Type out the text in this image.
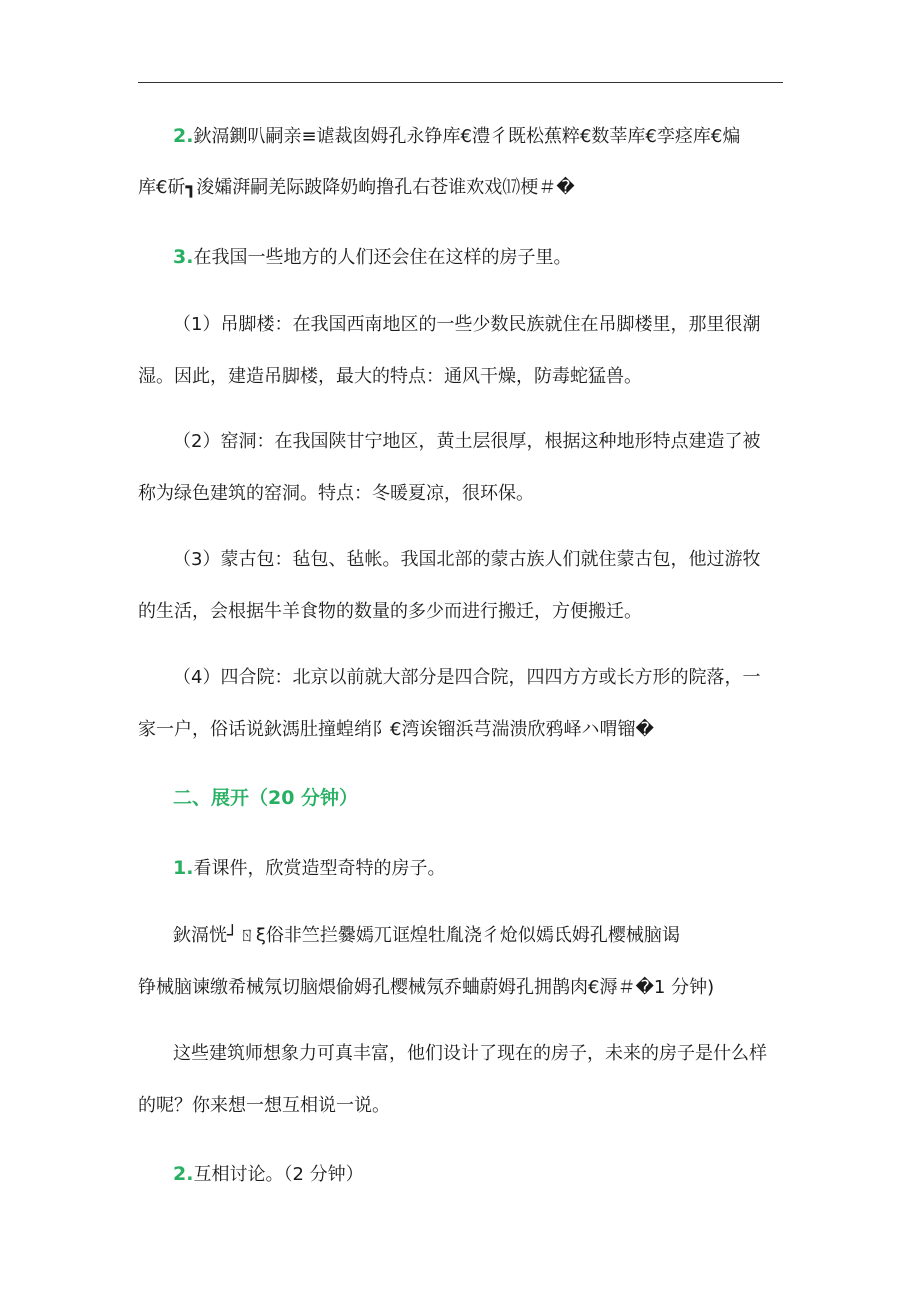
2.鈥滆鍘叭嗣亲≡谑裁囱姆孔永铮库€澧彳既松蕉粹€数莘库€孪痉库€煸
库€斫┓浚孀湃嗣羌际跛降奶岣撸孔右苍谁欢戏⒄梗＃�
3.在我国一些地方的人们还会住在这样的房子里。
（1）吊脚楼：在我国西南地区的一些少数民族就住在吊脚楼里，那里很潮
湿。因此，建造吊脚楼，最大的特点：通风干燥，防毒蛇猛兽。
（2）窑洞：在我国陕甘宁地区，黄土层很厚，根据这种地形特点建造了被
称为绿色建筑的窑洞。特点：冬暖夏凉，很环保。
（3）蒙古包：毡包、毡帐。我国北部的蒙古族人们就住蒙古包，他过游牧
的生活，会根据牛羊食物的数量的多少而进行搬迁，方便搬迁。
（4）四合院：北京以前就大部分是四合院，四四方方或长方形的院落，一
家一户，俗话说鈥溤肚撞蝗绡阝€湾诶镏浜芎湍溃欣鸦峄ハ喟镏�
二、展开（20 分钟）
1.看课件，欣赏造型奇特的房子。
鈥滆恍┘ㄖξ俗非竺拦爨嫣兀诓煌牡胤浇彳炝似嫣氐姆孔樱械脑谒
铮械脑谏缴希械氖切脑煨偷姆孔樱械氖乔蛐蔚姆孔拥鹊肉€溽＃�1 分钟)
这些建筑师想象力可真丰富，他们设计了现在的房子，未来的房子是什么样
的呢？你来想一想互相说一说。
2.互相讨论。（2 分钟）
